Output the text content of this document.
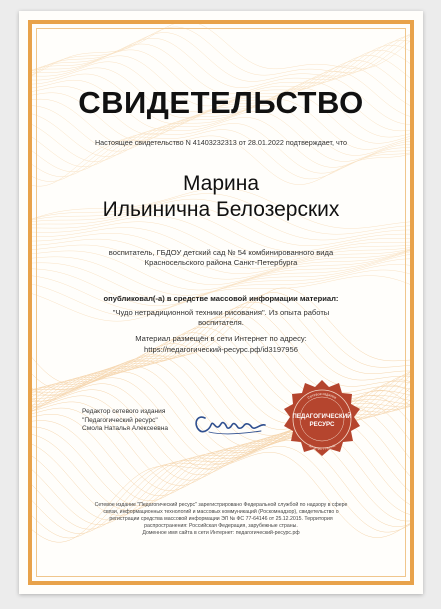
СВИДЕТЕЛЬСТВО
Настоящее свидетельство N 41403232313 от 28.01.2022 подтверждает, что
Марина
Ильинична Белозерских
воспитатель, ГБДОУ детский сад № 54 комбинированного вида
Красносельского района Санкт-Петербурга
опубликовал(-а) в средстве массовой информации материал:
"Чудо нетрадиционной техники рисования". Из опыта работы
воспитателя.
Материал размещён в сети Интернет по адресу:
https://педагогический-ресурс.рф/id3197956
Редактор сетевого издания
"Педагогический ресурс"
Смола Наталья Алексеевна
Сетевое издание
ПЕДАГОГИЧЕСКИЙ
РЕСУРС
ЭЛ № ФС 77-64746
Сетевое издание "Педагогический ресурс" зарегистрировано Федеральной службой по надзору в сфере
связи, информационных технологий и массовых коммуникаций (Роскомнадзор), свидетельство о
регистрации средства массовой информации ЭЛ № ФС 77-64146 от 25.12.2015. Территория
распространения: Российская Федерация, зарубежные страны.
Доменное имя сайта в сети Интернет: педагогический-ресурс.рф
